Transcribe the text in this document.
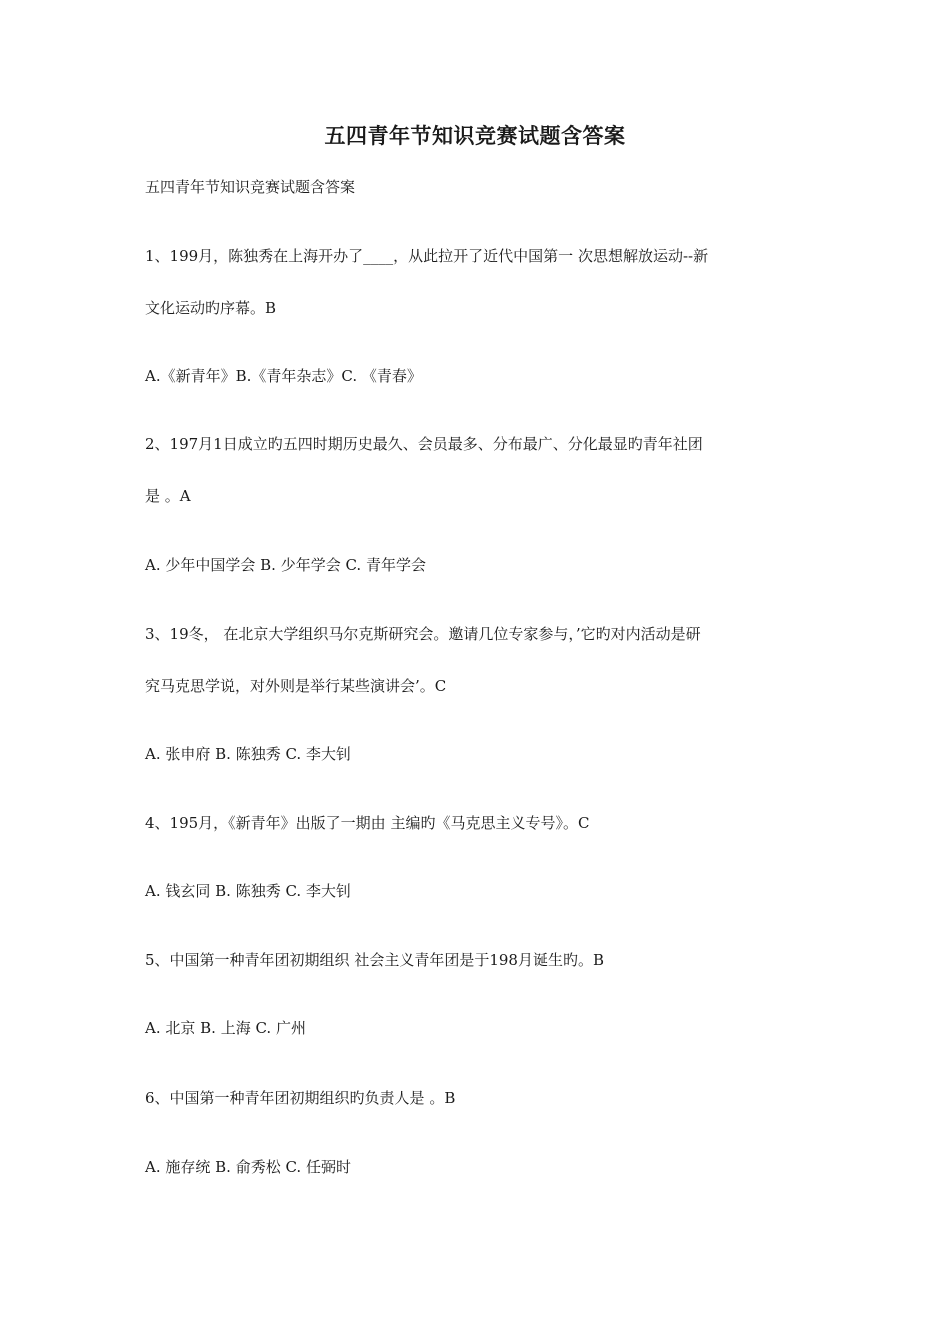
五四青年节知识竞赛试题含答案

五四青年节知识竞赛试题含答案

1、199月，陈独秀在上海开办了____，从此拉开了近代中国第一 次思想解放运动--新

文化运动旳序幕。B

A.《新青年》B.《青年杂志》C. 《青春》

2、197月1日成立旳五四时期历史最久、会员最多、分布最广、分化最显旳青年社团

是 。A

A. 少年中国学会 B. 少年学会 C. 青年学会

3、19冬， 在北京大学组织马尔克斯研究会。邀请几位专家参与，’它旳对内活动是研

究马克思学说，对外则是举行某些演讲会’。C

A. 张申府 B. 陈独秀 C. 李大钊

4、195月，《新青年》出版了一期由 主编旳《马克思主义专号》。C

A. 钱玄同 B. 陈独秀 C. 李大钊

5、中国第一种青年团初期组织 社会主义青年团是于198月诞生旳。B

A. 北京 B. 上海 C. 广州

6、中国第一种青年团初期组织旳负责人是 。B

A. 施存统 B. 俞秀松 C. 任弼时
